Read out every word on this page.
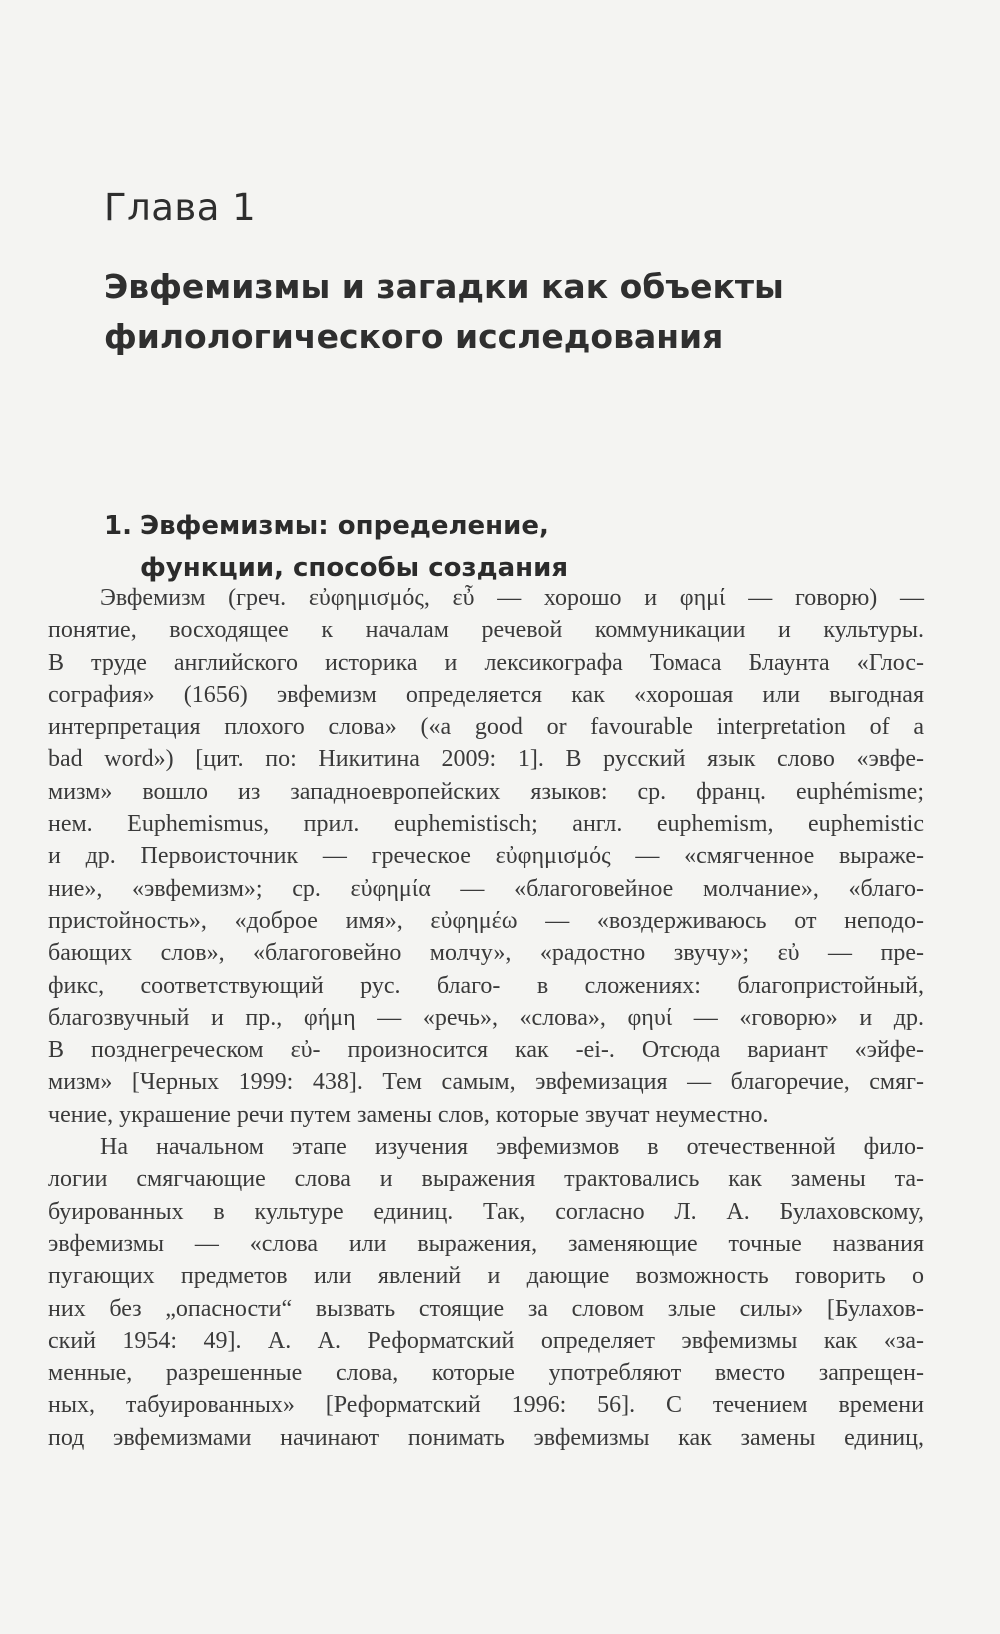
Глава 1
Эвфемизмы и загадки как объекты
филологического исследования
1. Эвфемизмы: определение,
функции, способы создания
Эвфемизм (греч. εὐφημισμός, εὖ — хорошо и φημί — говорю) —
понятие, восходящее к началам речевой коммуникации и культуры.
В труде английского историка и лексикографа Томаса Блаунта «Глос-
сография» (1656) эвфемизм определяется как «хорошая или выгодная
интерпретация плохого слова» («a good or favourable interpretation of a
bad word») [цит. по: Никитина 2009: 1]. В русский язык слово «эвфе-
мизм» вошло из западноевропейских языков: ср. франц. euphémisme;
нем. Euphemismus, прил. euphemistisch; англ. euphemism, euphemistic
и др. Первоисточник — греческое εὐφημισμός — «смягченное выраже-
ние», «эвфемизм»; ср. εὐφημία — «благоговейное молчание», «благо-
пристойность», «доброе имя», εὐφημέω — «воздерживаюсь от неподо-
бающих слов», «благоговейно молчу», «радостно звучу»; εὐ — пре-
фикс, соответствующий рус. благо- в сложениях: благопристойный,
благозвучный и пр., φήμη — «речь», «слова», φηυί — «говорю» и др.
В позднегреческом εὐ- произносится как -ei-. Отсюда вариант «эйфе-
мизм» [Черных 1999: 438]. Тем самым, эвфемизация — благоречие, смяг-
чение, украшение речи путем замены слов, которые звучат неуместно.
На начальном этапе изучения эвфемизмов в отечественной фило-
логии смягчающие слова и выражения трактовались как замены та-
буированных в культуре единиц. Так, согласно Л. А. Булаховскому,
эвфемизмы — «слова или выражения, заменяющие точные названия
пугающих предметов или явлений и дающие возможность говорить о
них без „опасности“ вызвать стоящие за словом злые силы» [Булахов-
ский 1954: 49]. А. А. Реформатский определяет эвфемизмы как «за-
менные, разрешенные слова, которые употребляют вместо запрещен-
ных, табуированных» [Реформатский 1996: 56]. С течением времени
под эвфемизмами начинают понимать эвфемизмы как замены единиц,
